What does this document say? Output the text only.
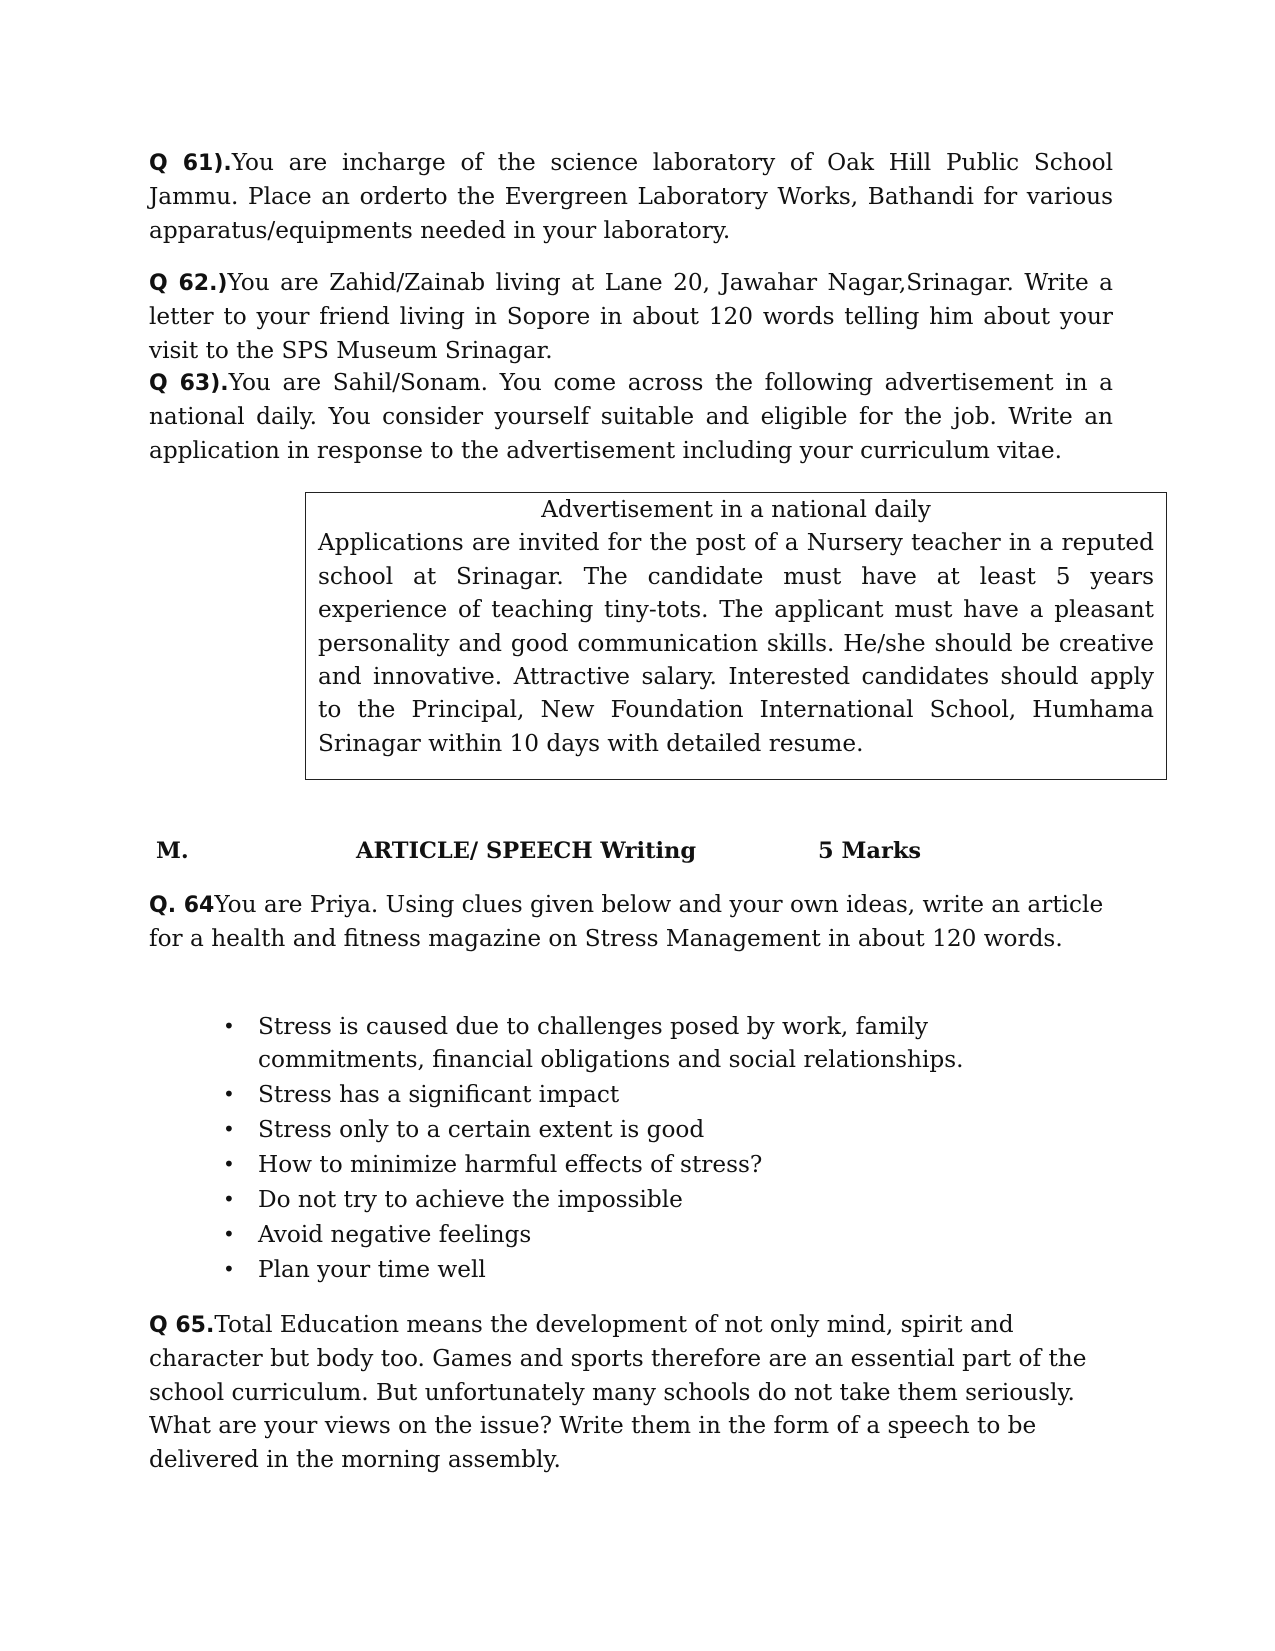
Q 61).You are incharge of the science laboratory of Oak Hill Public School Jammu. Place an orderto the Evergreen Laboratory Works, Bathandi for various apparatus/equipments needed in your laboratory.

Q 62.)You are Zahid/Zainab living at Lane 20, Jawahar Nagar,Srinagar. Write a letter to your friend living in Sopore in about 120 words telling him about your visit to the SPS Museum Srinagar.

Q 63).You are Sahil/Sonam. You come across the following advertisement in a national daily. You consider yourself suitable and eligible for the job. Write an application in response to the advertisement including your curriculum vitae.

Advertisement in a national daily

Applications are invited for the post of a Nursery teacher in a reputed school at Srinagar. The candidate must have at least 5 years experience of teaching tiny-tots. The applicant must have a pleasant personality and good communication skills. He/she should be creative and innovative. Attractive salary. Interested candidates should apply to the Principal, New Foundation International School, Humhama Srinagar within 10 days with detailed resume.

M.	ARTICLE/ SPEECH Writing	5 Marks

Q. 64You are Priya. Using clues given below and your own ideas, write an article for a health and fitness magazine on Stress Management in about 120 words.

• Stress is caused due to challenges posed by work, family commitments, financial obligations and social relationships.
• Stress has a significant impact
• Stress only to a certain extent is good
• How to minimize harmful effects of stress?
• Do not try to achieve the impossible
• Avoid negative feelings
• Plan your time well

Q 65.Total Education means the development of not only mind, spirit and character but body too. Games and sports therefore are an essential part of the school curriculum. But unfortunately many schools do not take them seriously. What are your views on the issue? Write them in the form of a speech to be delivered in the morning assembly.
